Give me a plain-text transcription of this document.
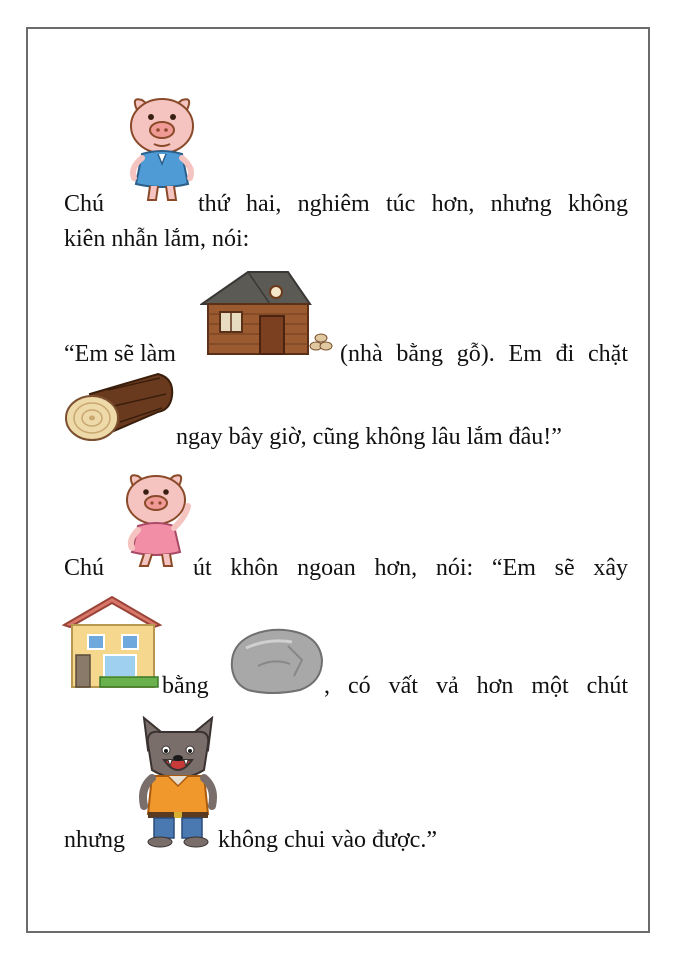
Chú	thứ hai, nghiêm túc hơn, nhưng không
kiên nhẫn lắm, nói:
“Em sẽ làm	(nhà bằng gỗ). Em đi chặt
ngay bây giờ, cũng không lâu lắm đâu!”
Chú	út khôn ngoan hơn, nói: “Em sẽ xây
bằng	, có vất vả hơn một chút
nhưng	không chui vào được.”
